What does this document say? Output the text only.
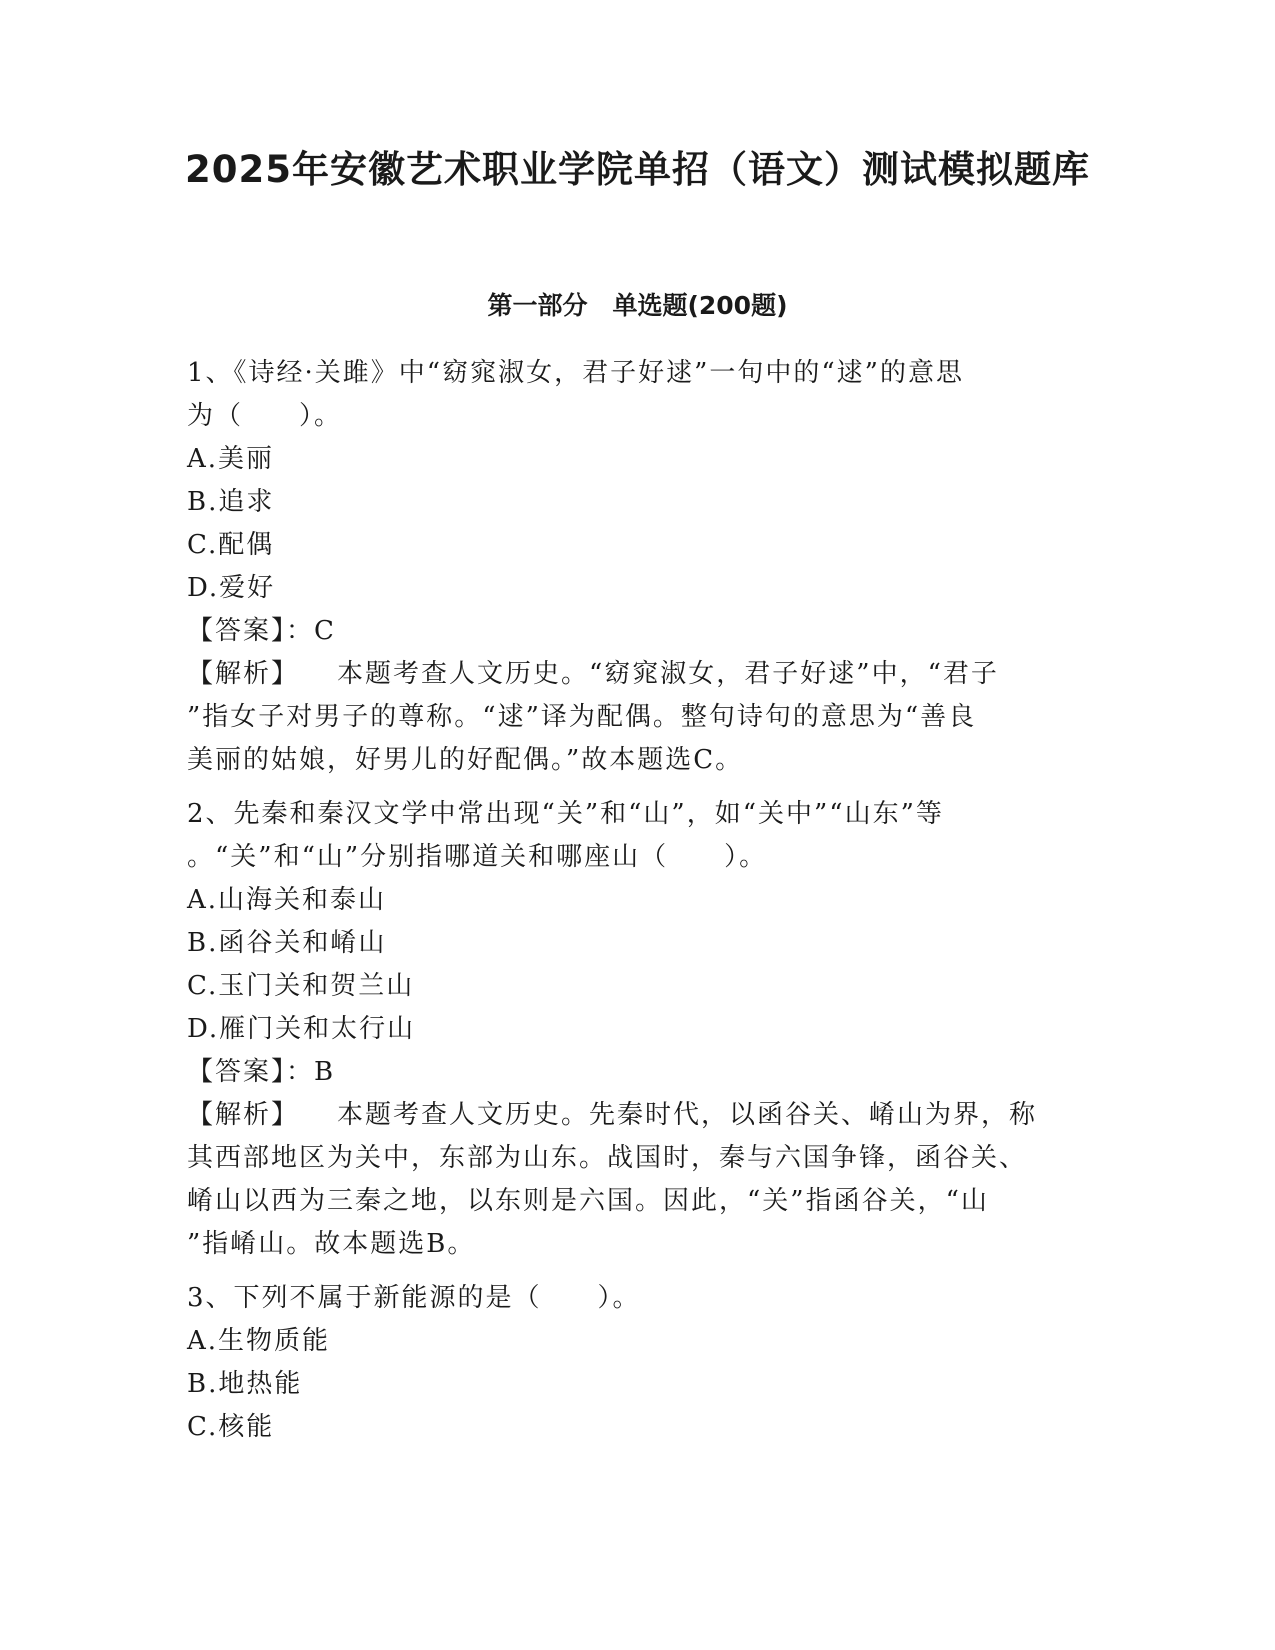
2025年安徽艺术职业学院单招（语文）测试模拟题库
第一部分　单选题(200题)
1、《诗经·关雎》中“窈窕淑女，君子好逑”一句中的“逑”的意思
为（　　）。
A.美丽
B.追求
C.配偶
D.爱好
【答案】：C
【解析】 本题考查人文历史。“窈窕淑女，君子好逑”中，“君子
”指女子对男子的尊称。“逑”译为配偶。整句诗句的意思为“善良
美丽的姑娘，好男儿的好配偶。”故本题选C。
2、先秦和秦汉文学中常出现“关”和“山”，如“关中”“山东”等
。“关”和“山”分别指哪道关和哪座山（　　）。
A.山海关和泰山
B.函谷关和崤山
C.玉门关和贺兰山
D.雁门关和太行山
【答案】：B
【解析】 本题考查人文历史。先秦时代，以函谷关、崤山为界，称
其西部地区为关中，东部为山东。战国时，秦与六国争锋，函谷关、
崤山以西为三秦之地，以东则是六国。因此，“关”指函谷关，“山
”指崤山。故本题选B。
3、下列不属于新能源的是（　　）。
A.生物质能
B.地热能
C.核能
